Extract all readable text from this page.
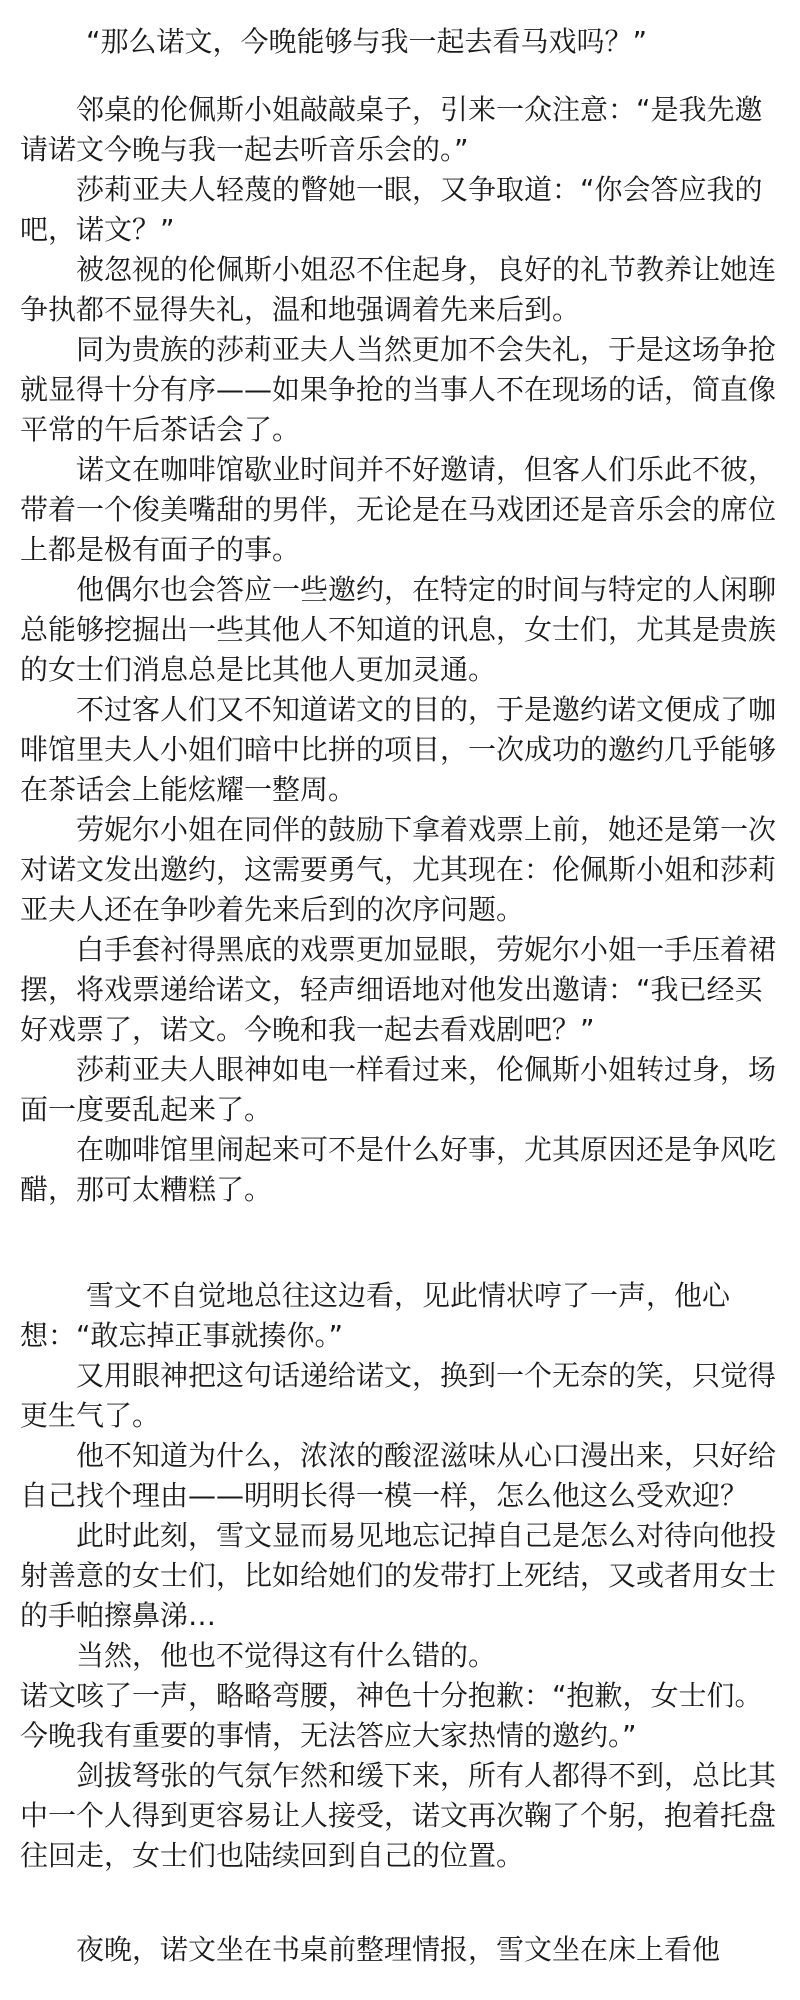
“那么诺文，今晚能够与我一起去看马戏吗？”

邻桌的伦佩斯小姐敲敲桌子，引来一众注意：“是我先邀请诺文今晚与我一起去听音乐会的。”

莎莉亚夫人轻蔑的瞥她一眼，又争取道：“你会答应我的吧，诺文？”

被忽视的伦佩斯小姐忍不住起身，良好的礼节教养让她连争执都不显得失礼，温和地强调着先来后到。

同为贵族的莎莉亚夫人当然更加不会失礼，于是这场争抢就显得十分有序——如果争抢的当事人不在现场的话，简直像平常的午后茶话会了。

诺文在咖啡馆歇业时间并不好邀请，但客人们乐此不彼，带着一个俊美嘴甜的男伴，无论是在马戏团还是音乐会的席位上都是极有面子的事。

他偶尔也会答应一些邀约，在特定的时间与特定的人闲聊总能够挖掘出一些其他人不知道的讯息，女士们，尤其是贵族的女士们消息总是比其他人更加灵通。

不过客人们又不知道诺文的目的，于是邀约诺文便成了咖啡馆里夫人小姐们暗中比拼的项目，一次成功的邀约几乎能够在茶话会上能炫耀一整周。

劳妮尔小姐在同伴的鼓励下拿着戏票上前，她还是第一次对诺文发出邀约，这需要勇气，尤其现在：伦佩斯小姐和莎莉亚夫人还在争吵着先来后到的次序问题。

白手套衬得黑底的戏票更加显眼，劳妮尔小姐一手压着裙摆，将戏票递给诺文，轻声细语地对他发出邀请：“我已经买好戏票了，诺文。今晚和我一起去看戏剧吧？”

莎莉亚夫人眼神如电一样看过来，伦佩斯小姐转过身，场面一度要乱起来了。

在咖啡馆里闹起来可不是什么好事，尤其原因还是争风吃醋，那可太糟糕了。

雪文不自觉地总往这边看，见此情状哼了一声，他心想：“敢忘掉正事就揍你。”

又用眼神把这句话递给诺文，换到一个无奈的笑，只觉得更生气了。

他不知道为什么，浓浓的酸涩滋味从心口漫出来，只好给自己找个理由——明明长得一模一样，怎么他这么受欢迎？

此时此刻，雪文显而易见地忘记掉自己是怎么对待向他投射善意的女士们，比如给她们的发带打上死结，又或者用女士的手帕擦鼻涕…

当然，他也不觉得这有什么错的。

诺文咳了一声，略略弯腰，神色十分抱歉：“抱歉，女士们。今晚我有重要的事情，无法答应大家热情的邀约。”

剑拔弩张的气氛乍然和缓下来，所有人都得不到，总比其中一个人得到更容易让人接受，诺文再次鞠了个躬，抱着托盘往回走，女士们也陆续回到自己的位置。

夜晚，诺文坐在书桌前整理情报，雪文坐在床上看他
